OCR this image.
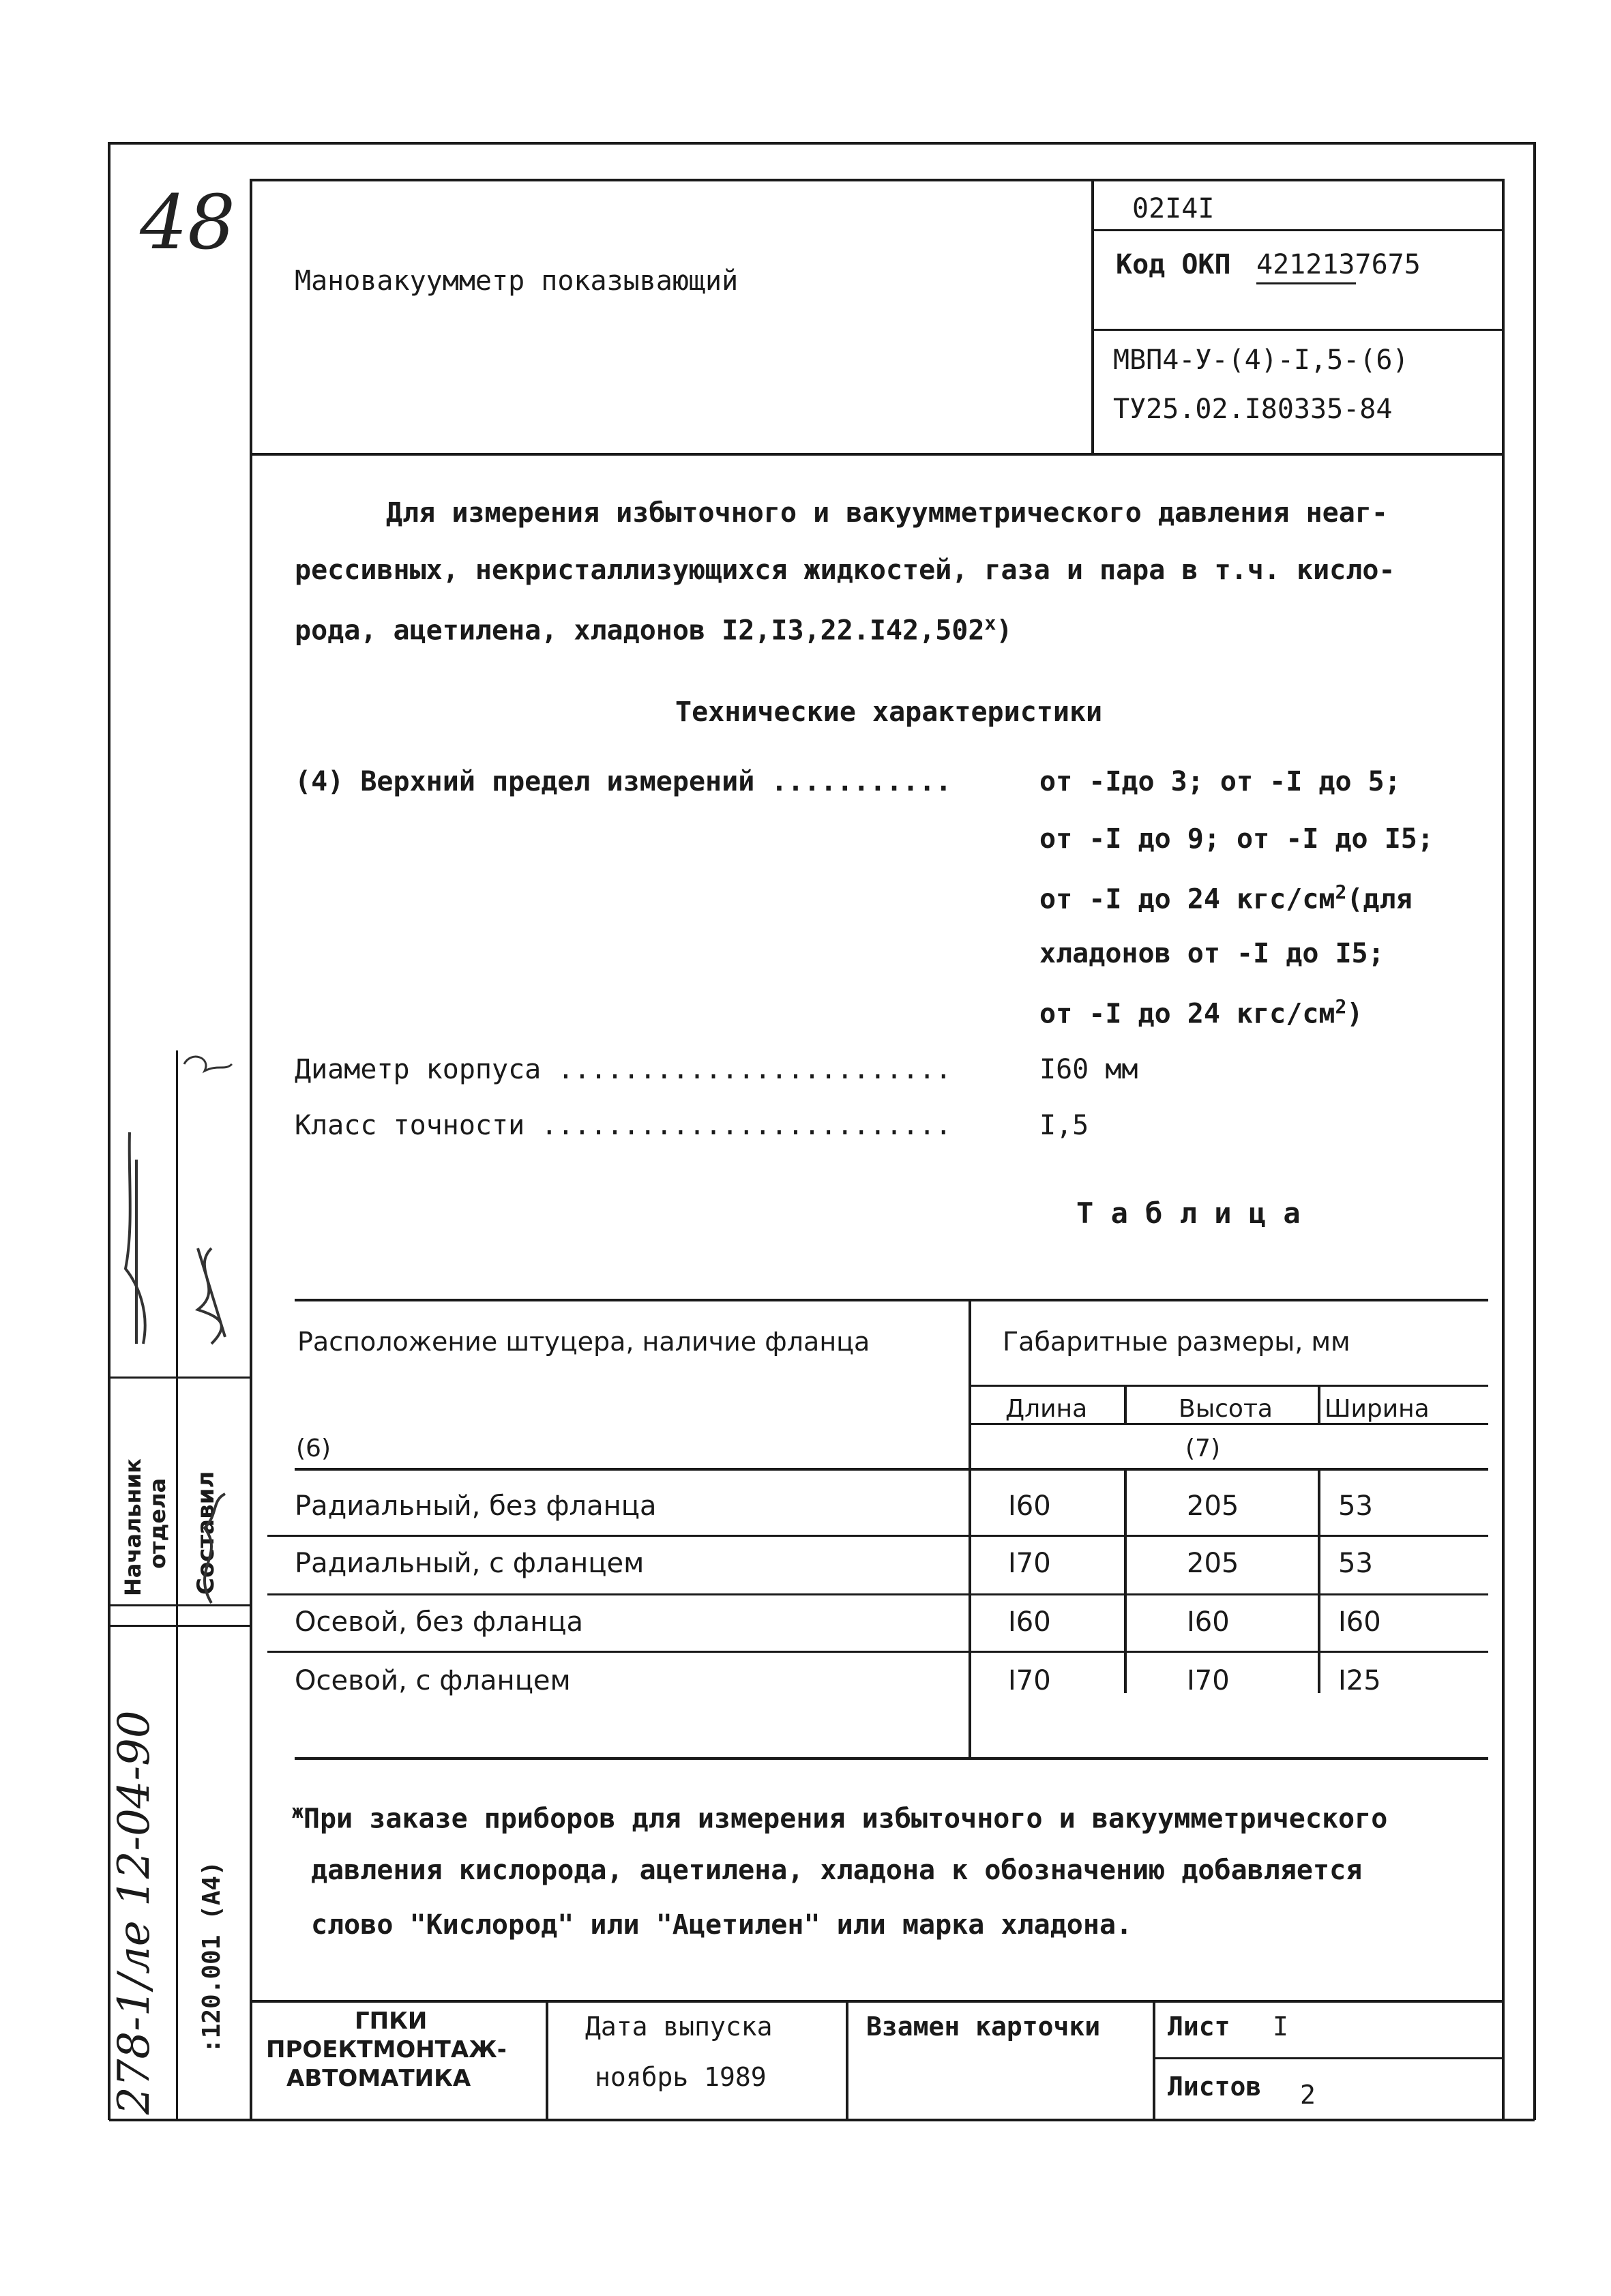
48
Мановакуумметр показывающий
02I4I
Код ОКП 4212137675
МВП4-У-(4)-I,5-(6)
ТУ25.02.I80335-84
Для измерения избыточного и вакуумметрического давления неаг-
рессивных, некристаллизующихся жидкостей, газа и пара в т.ч. кисло-
рода, ацетилена, хладонов I2,I3,22.I42,502$^x$)
Технические характеристики
(4) Верхний предел измерений ...........	от -Iдо 3; от -I до 5;
от -I до 9; от -I до I5;
от -I до 24 кгс/$см^2(для$
хладонов от -I до I5;
от -I до 24 кгс/$см^2$)
Диаметр корпуса ........................	I60 мм
Класс точности .........................	I,5
Т а б л и ц а
Расположение штуцера, наличие фланца	Габаритные размеры, мм
Длина	Высота Ширина
(6)	(7)
Радиальный, без фланца	I60	205	53
Радиальный, с фланцем	I70	205	53
Осевой, без фланца	I60	I60	I60
Осевой, с фланцем	I70	I70	I25
$^ж$При заказе приборов для измерения избыточного и вакуумметрического
давления кислорода, ацетилена, хладона к обозначению добавляется
слово "Кислород" или "Ацетилен" или марка хладона.
ГПКИ
ПРОЕКТМОНТАЖ-
АВТОМАТИКА
Дата выпуска
ноябрь 1989
Взамен карточки	Лист I
Листов 2
Начальник
отдела Составил
:120.001 (А4)
278-1/ле 12-04-90
